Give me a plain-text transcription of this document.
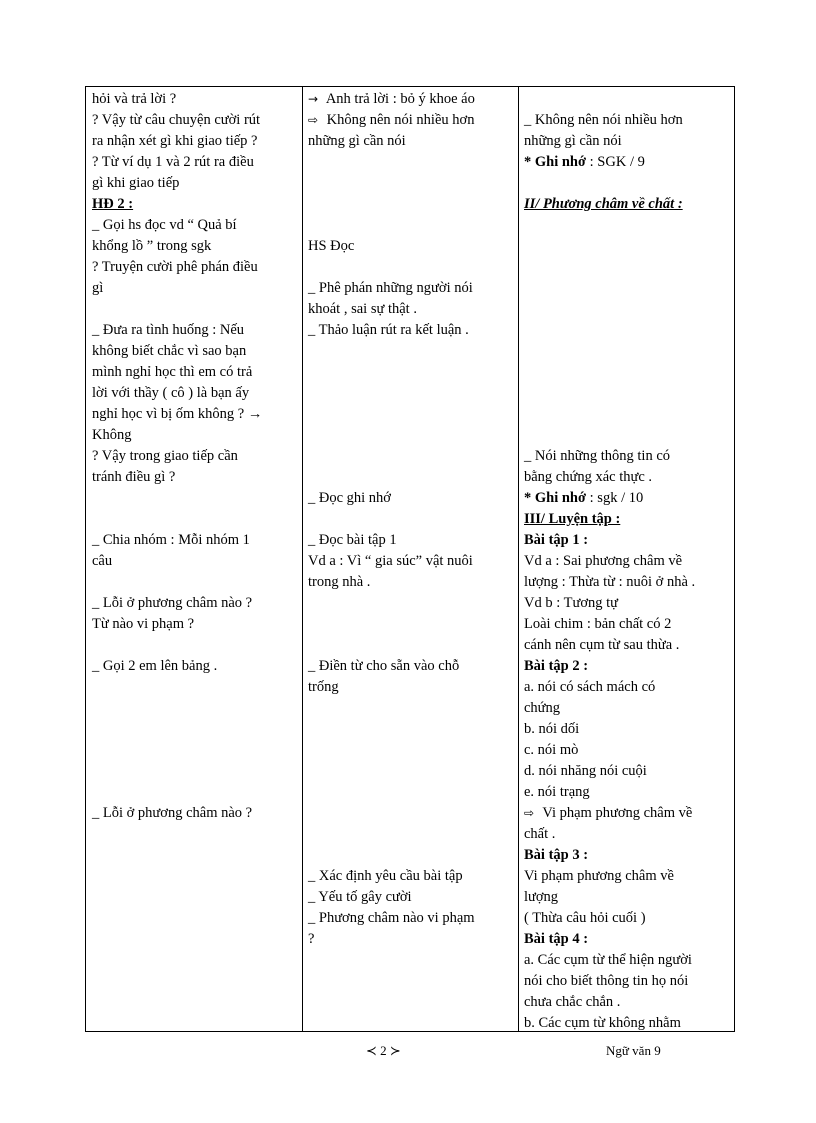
hỏi và trả lời ?
? Vậy từ câu chuyện cười rút
ra nhận xét gì khi giao tiếp ?
? Từ ví dụ 1 và 2 rút ra điều
gì khi giao tiếp
HĐ 2 :
_ Gọi hs đọc vd “ Quả bí
khổng lồ ” trong sgk
? Truyện cười phê phán điều
gì
_ Đưa ra tình huống : Nếu
không biết chắc vì sao bạn
mình nghỉ học thì em có trả
lời với thầy ( cô ) là bạn ấy
nghỉ học vì bị ốm không ? →
Không
? Vậy trong giao tiếp cần
tránh điều gì ?
_ Chia nhóm : Mỗi nhóm 1
câu
_ Lỗi ở phương châm nào ?
Từ nào vi phạm ?
_ Gọi 2 em lên bảng .
_ Lỗi ở phương châm nào ?
→ Anh trả lời : bỏ ý khoe áo
⇨ Không nên nói nhiều hơn
những gì cần nói
HS Đọc
_ Phê phán những người nói
khoát , sai sự thật .
_ Thảo luận rút ra kết luận .
_ Đọc ghi nhớ
_ Đọc bài tập 1
Vd a : Vì “ gia súc” vật nuôi
trong nhà .
_ Điền từ cho sẵn vào chỗ
trống
_ Xác định yêu cầu bài tập
_ Yếu tố gây cười
_ Phương châm nào vi phạm
?
_ Không nên nói nhiều hơn
những gì cần nói
* Ghi nhớ : SGK / 9
II/ Phương châm về chất :
_ Nói những thông tin có
bằng chứng xác thực .
* Ghi nhớ : sgk / 10
III/ Luyện tập :
Bài tập 1 :
Vd a : Sai phương châm về
lượng : Thừa từ : nuôi ở nhà .
Vd b : Tương tự
Loài chim : bản chất có 2
cánh nên cụm từ sau thừa .
Bài tập 2 :
a. nói có sách mách có
chứng
b. nói dối
c. nói mò
d. nói nhăng nói cuội
e. nói trạng
⇨ Vi phạm phương châm về
chất .
Bài tập 3 :
Vi phạm phương châm về
lượng
( Thừa câu hỏi cuối )
Bài tập 4 :
a. Các cụm từ thể hiện người
nói cho biết thông tin họ nói
chưa chắc chắn .
b. Các cụm từ không nhằm
≺ 2 ≻	Ngữ văn 9
